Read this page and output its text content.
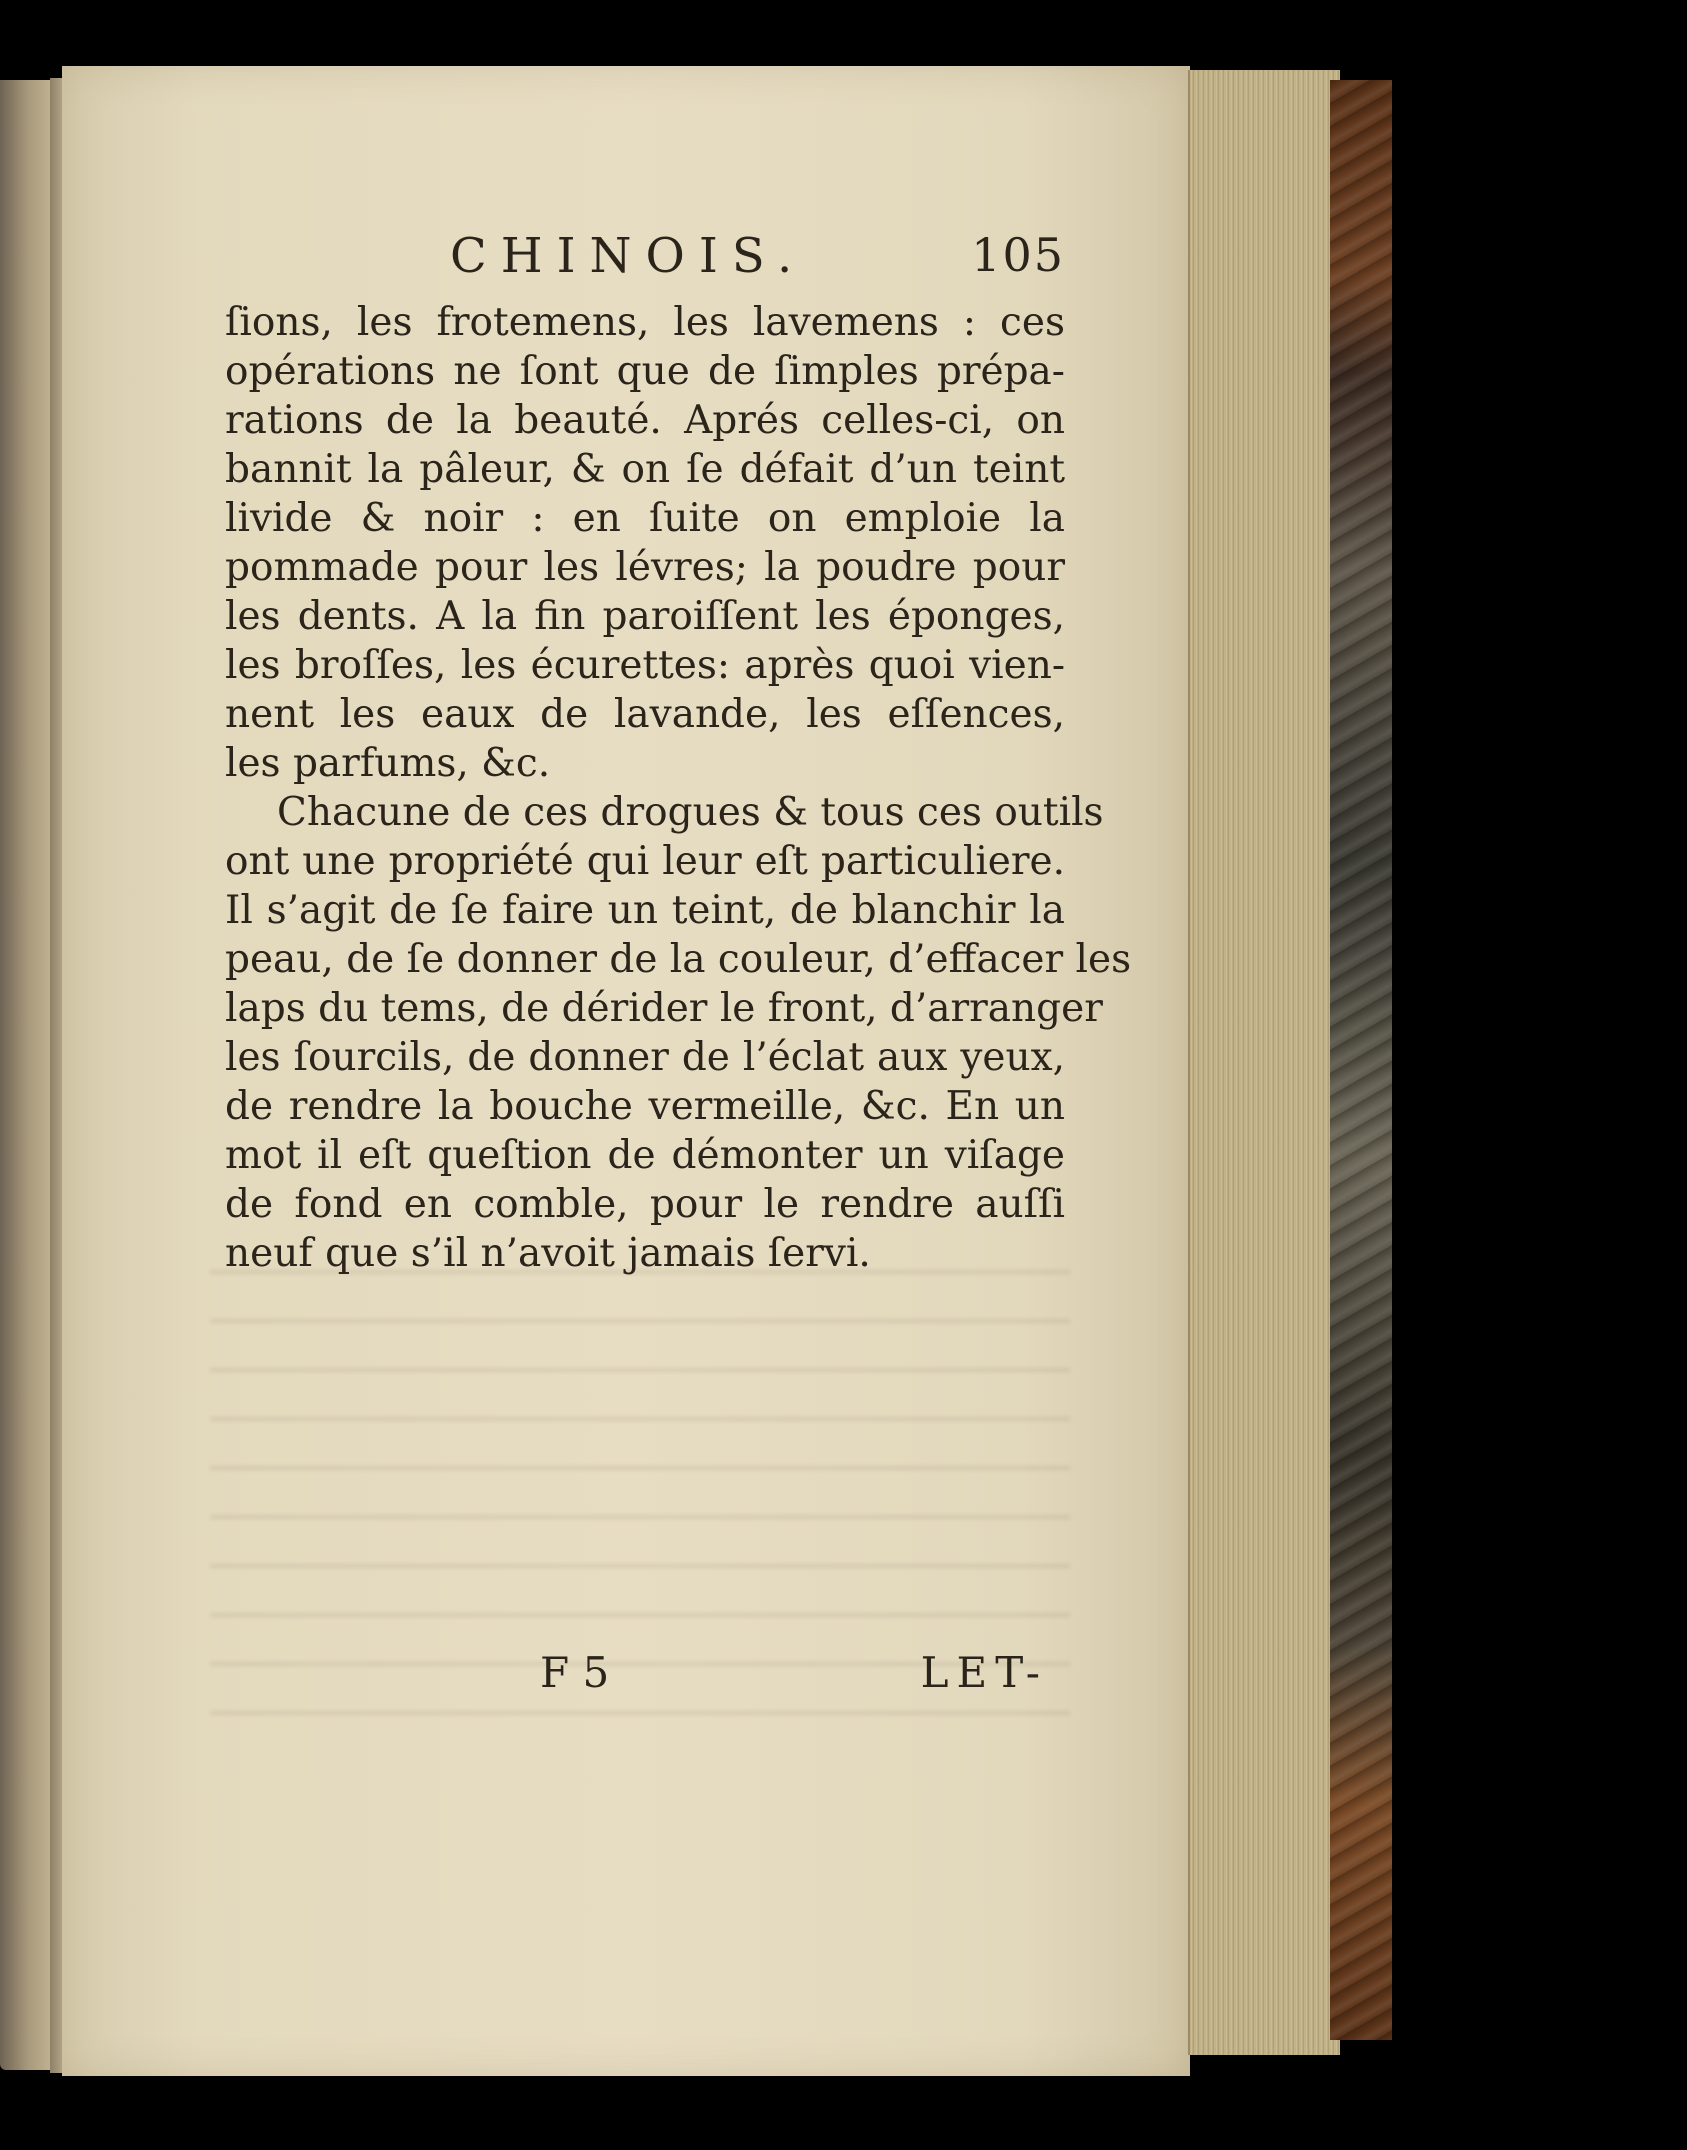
CHINOIS.	105
ſions, les frotemens, les lavemens : ces
opérations ne ſont que de ſimples prépa-
rations de la beauté. Aprés celles-ci, on
bannit la pâleur, & on ſe défait d’un teint
livide & noir : en ſuite on emploie la
pommade pour les lévres; la poudre pour
les dents. A la fin paroiſſent les éponges,
les broſſes, les écurettes: après quoi vien-
nent les eaux de lavande, les eſſences,
les parfums, &c.
Chacune de ces drogues & tous ces outils
ont une propriété qui leur eſt particuliere.
Il s’agit de ſe faire un teint, de blanchir la
peau, de ſe donner de la couleur, d’effacer les
laps du tems, de dérider le front, d’arranger
les ſourcils, de donner de l’éclat aux yeux,
de rendre la bouche vermeille, &c. En un
mot il eſt queſtion de démonter un viſage
de fond en comble, pour le rendre auſſi
neuf que s’il n’avoit jamais ſervi.
F 5	LET-
